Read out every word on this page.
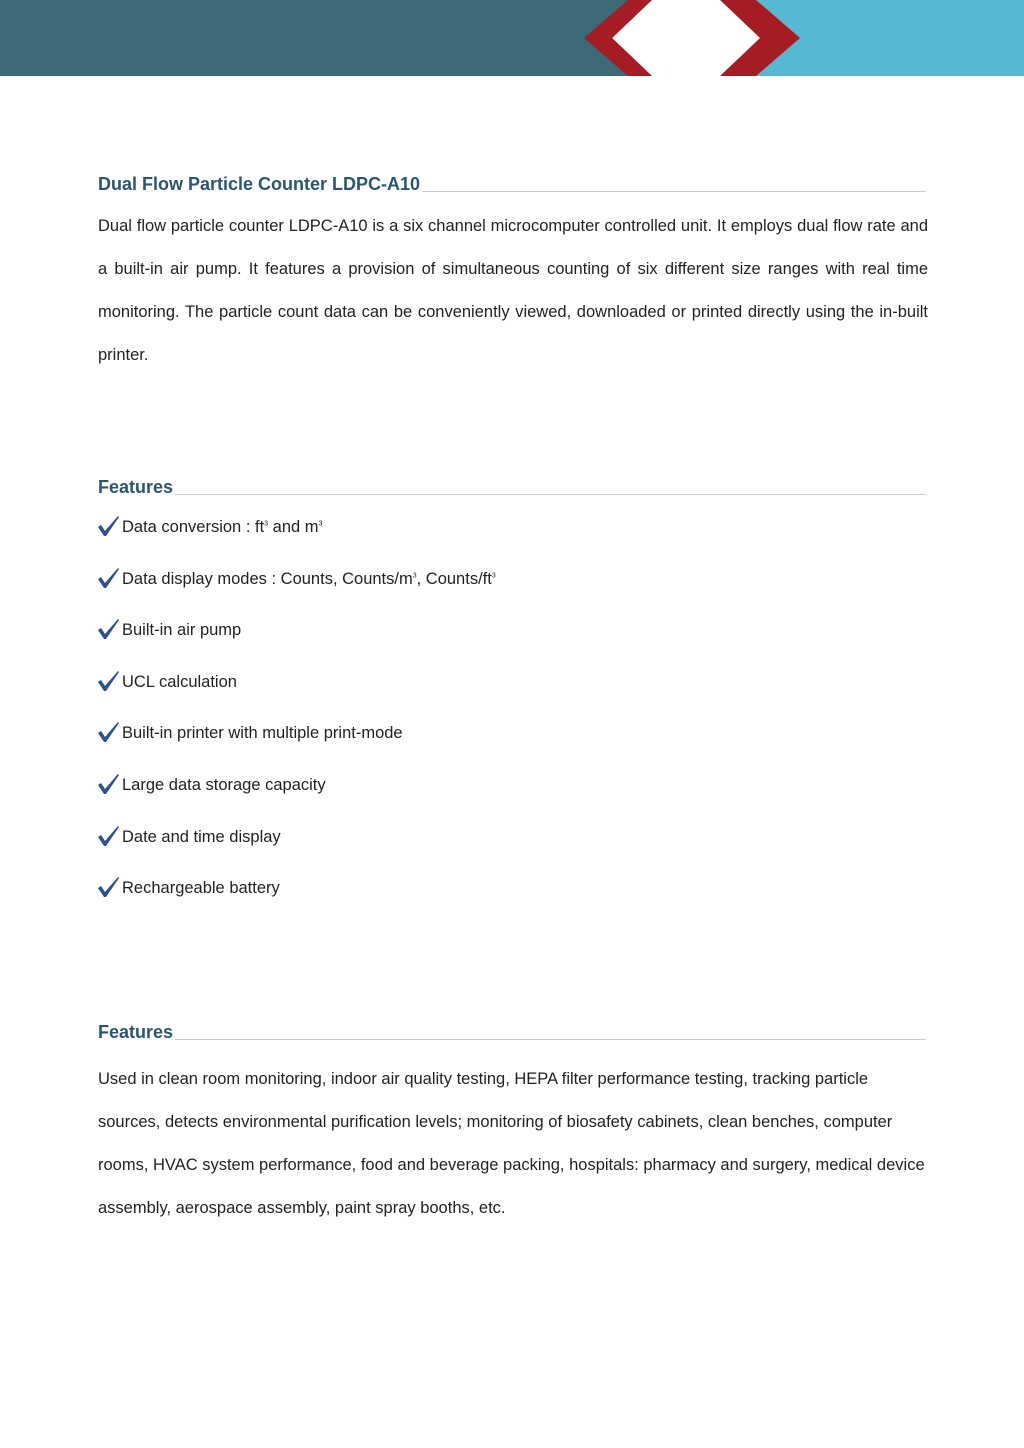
Dual Flow Particle Counter LDPC-A10

Dual flow particle counter LDPC-A10 is a six channel microcomputer controlled unit. It employs dual flow rate and a built-in air pump. It features a provision of simultaneous counting of six different size ranges with real time monitoring. The particle count data can be conveniently viewed, downloaded or printed directly using the in-built printer.

Features
Data conversion : $ft^3$ and $m^3$
Data display modes : Counts, Counts/$m^3$, Counts/$ft^3$
Built-in air pump
UCL calculation
Built-in printer with multiple print-mode
Large data storage capacity
Date and time display
Rechargeable battery
Features

Used in clean room monitoring, indoor air quality testing, HEPA filter performance testing, tracking particle sources, detects environmental purification levels; monitoring of biosafety cabinets, clean benches, computer rooms, HVAC system performance, food and beverage packing, hospitals: pharmacy and surgery, medical device assembly, aerospace assembly, paint spray booths, etc.
